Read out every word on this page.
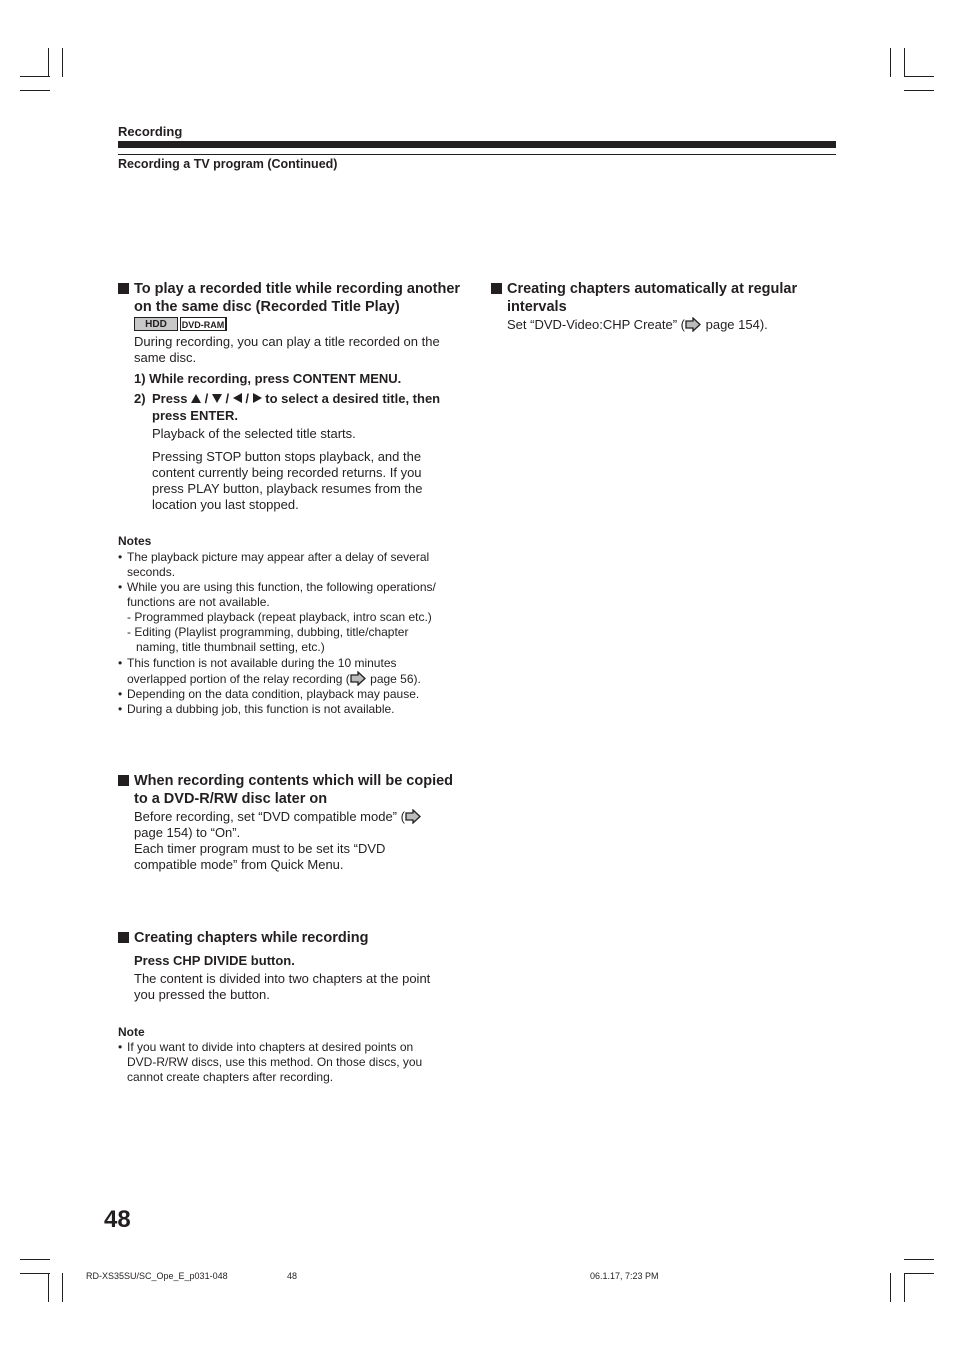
Recording
Recording a TV program (Continued)
To play a recorded title while recording another
on the same disc (Recorded Title Play)
HDD	DVD-RAM
During recording, you can play a title recorded on the
same disc.
1) While recording, press CONTENT MENU.
2) Press / / / to select a desired title, then
press ENTER.
Playback of the selected title starts.
Pressing STOP button stops playback, and the
content currently being recorded returns. If you
press PLAY button, playback resumes from the
location you last stopped.
Notes
• The playback picture may appear after a delay of several
seconds.
• While you are using this function, the following operations/
functions are not available.
- Programmed playback (repeat playback, intro scan etc.)
- Editing (Playlist programming, dubbing, title/chapter
naming, title thumbnail setting, etc.)
• This function is not available during the 10 minutes
overlapped portion of the relay recording ( page 56).
• Depending on the data condition, playback may pause.
• During a dubbing job, this function is not available.
When recording contents which will be copied
to a DVD-R/RW disc later on
Before recording, set “DVD compatible mode” (
page 154) to “On”.
Each timer program must to be set its “DVD
compatible mode” from Quick Menu.
Creating chapters while recording
Press CHP DIVIDE button.
The content is divided into two chapters at the point
you pressed the button.
Note
• If you want to divide into chapters at desired points on
DVD-R/RW discs, use this method. On those discs, you
cannot create chapters after recording.
Creating chapters automatically at regular
intervals
Set “DVD-Video:CHP Create” ( page 154).
48
RD-XS35SU/SC_Ope_E_p031-048	48	06.1.17, 7:23 PM
